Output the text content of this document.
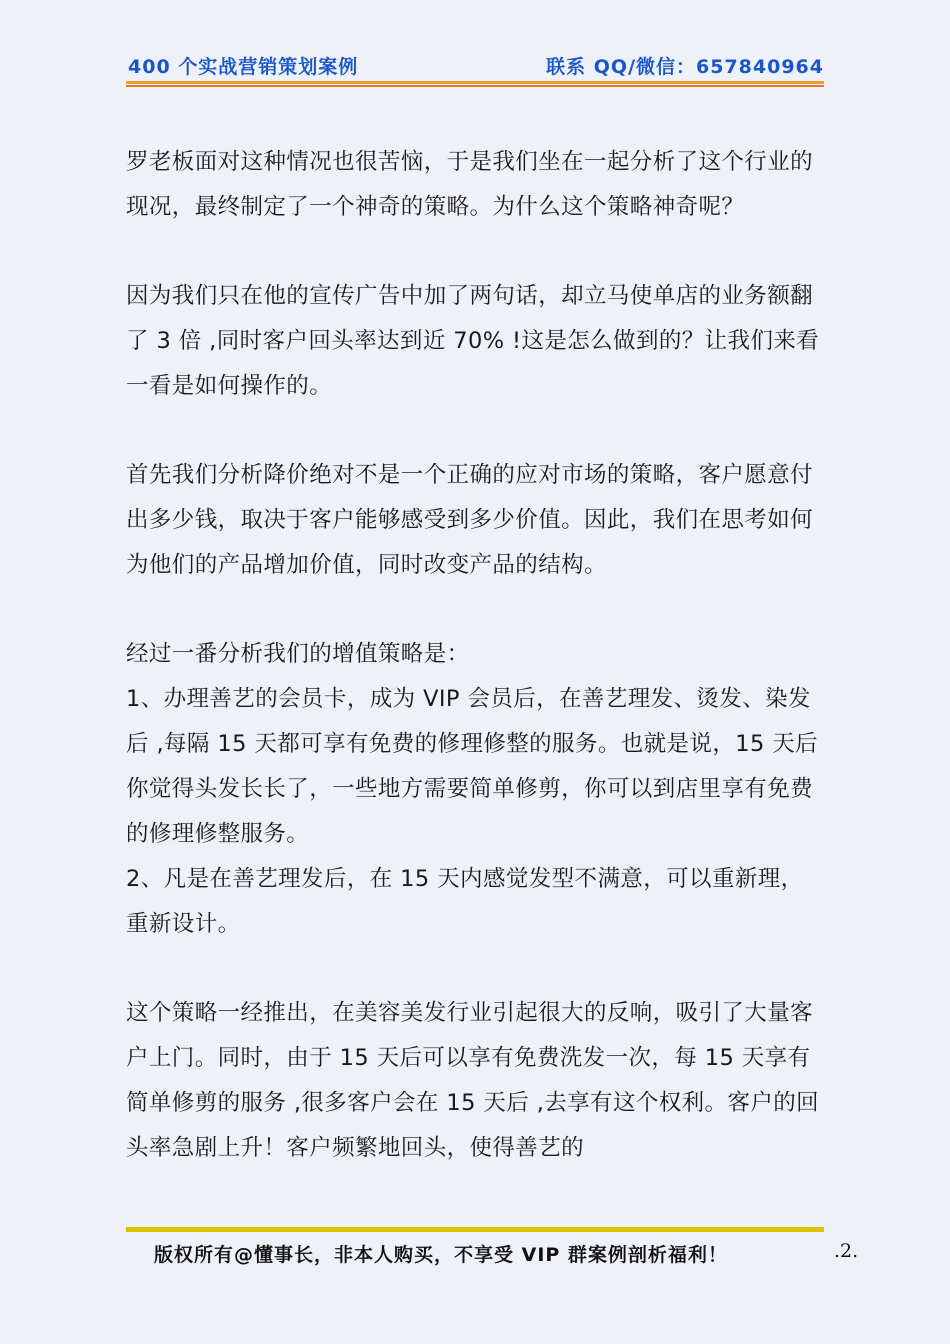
400 个实战营销策划案例	联系 QQ/微信：657840964

罗老板面对这种情况也很苦恼，于是我们坐在一起分析了这个行业的现况，最终制定了一个神奇的策略。为什么这个策略神奇呢？

因为我们只在他的宣传广告中加了两句话，却立马使单店的业务额翻了 3 倍 ,同时客户回头率达到近 70% !这是怎么做到的？让我们来看一看是如何操作的。

首先我们分析降价绝对不是一个正确的应对市场的策略，客户愿意付出多少钱，取决于客户能够感受到多少价值。因此，我们在思考如何为他们的产品增加价值，同时改变产品的结构。

经过一番分析我们的增值策略是：

1、办理善艺的会员卡，成为 VIP 会员后，在善艺理发、烫发、染发后 ,每隔 15 天都可享有免费的修理修整的服务。也就是说，15 天后你觉得头发长长了，一些地方需要简单修剪，你可以到店里享有免费的修理修整服务。

2、凡是在善艺理发后，在 15 天内感觉发型不满意，可以重新理，重新设计。

这个策略一经推出，在美容美发行业引起很大的反响，吸引了大量客户上门。同时，由于 15 天后可以享有免费洗发一次，每 15 天享有简单修剪的服务 ,很多客户会在 15 天后 ,去享有这个权利。客户的回头率急剧上升！客户频繁地回头，使得善艺的

版权所有@懂事长，非本人购买，不享受 VIP 群案例剖析福利！	.2.
